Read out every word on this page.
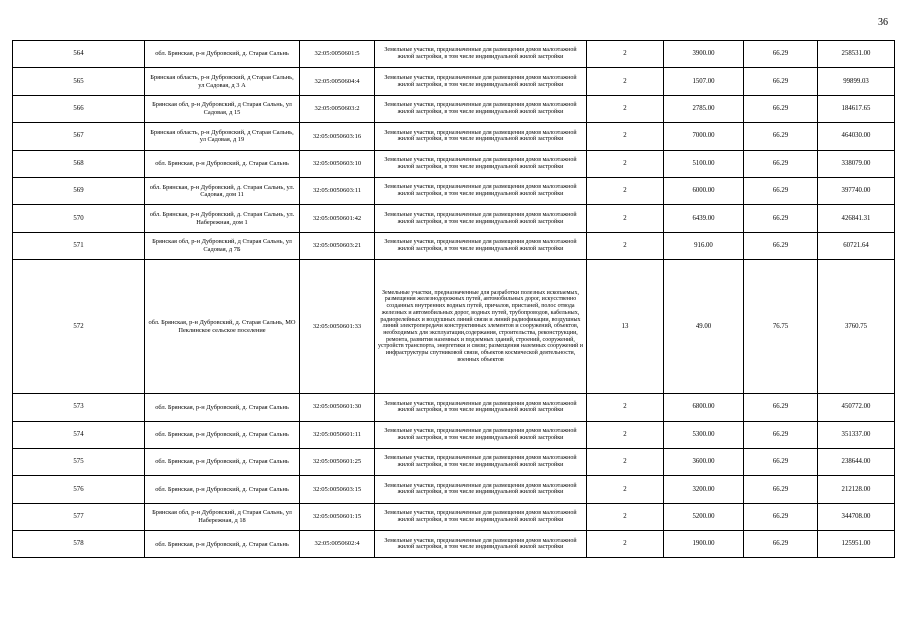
36
564	обл. Брянская, р-н Дубровский, д. Старая Сальнь	32:05:0050601:5	Земельные участки, предназначенные для размещения домов малоэтажной жилой застройки, в том числе индивидуальной жилой застройки	2	3900.00	66.29	258531.00
565	Брянская область, р-н Дубровский, д Старая Сальнь, ул Садовая, д 3 А	32:05:0050604:4	Земельные участки, предназначенные для размещения домов малоэтажной жилой застройки, в том числе индивидуальной жилой застройки	2	1507.00	66.29	99899.03
566	Брянская обл, р-н Дубровский, д Старая Сальнь, ул Садовая, д 15	32:05:0050603:2	Земельные участки, предназначенные для размещения домов малоэтажной жилой застройки, в том числе индивидуальной жилой застройки	2	2785.00	66.29	184617.65
567	Брянская область, р-н Дубровский, д Старая Сальнь, ул Садовая, д 19	32:05:0050603:16	Земельные участки, предназначенные для размещения домов малоэтажной жилой застройки, в том числе индивидуальной жилой застройки	2	7000.00	66.29	464030.00
568	обл. Брянская, р-н Дубровский, д. Старая Сальнь	32:05:0050603:10	Земельные участки, предназначенные для размещения домов малоэтажной жилой застройки, в том числе индивидуальной жилой застройки	2	5100.00	66.29	338079.00
569	обл. Брянская, р-н Дубровский, д. Старая Сальнь, ул. Садовая, дом 11	32:05:0050603:11	Земельные участки, предназначенные для размещения домов малоэтажной жилой застройки, в том числе индивидуальной жилой застройки	2	6000.00	66.29	397740.00
570	обл. Брянская, р-н Дубровский, д. Старая Сальнь, ул. Набережная, дом 1	32:05:0050601:42	Земельные участки, предназначенные для размещения домов малоэтажной жилой застройки, в том числе индивидуальной жилой застройки	2	6439.00	66.29	426841.31
571	Брянская обл, р-н Дубровский, д Старая Сальнь, ул Садовая, д 7Б	32:05:0050603:21	Земельные участки, предназначенные для размещения домов малоэтажной жилой застройки, в том числе индивидуальной жилой застройки	2	916.00	66.29	60721.64
572	обл. Брянская, р-н Дубровский, д. Старая Сальнь, МО Пеклинское сельское поселение	32:05:0050601:33	Земельные участки, предназначенные для разработки полезных ископаемых, размещения железнодорожных путей, автомобильных дорог, искусственно созданных внутренних водных путей, причалов, пристаней, полос отвода железных и автомобильных дорог, водных путей, трубопроводов, кабельных, радиорелейных и воздушных линий связи и линий радиофикации, воздушных линий электропередачи конструктивных элементов и сооружений, объектов, необходимых для эксплуатации,содержания, строительства, реконструкции, ремонта, развития наземных и подземных зданий, строений, сооружений, устройств транспорта, энергетики и связи; размещения наземных сооружений и инфраструктуры спутниковой связи, объектов космической деятельности, военных объектов	13	49.00	76.75	3760.75
573	обл. Брянская, р-н Дубровский, д. Старая Сальнь	32:05:0050601:30	Земельные участки, предназначенные для размещения домов малоэтажной жилой застройки, в том числе индивидуальной жилой застройки	2	6800.00	66.29	450772.00
574	обл. Брянская, р-н Дубровский, д. Старая Сальнь	32:05:0050601:11	Земельные участки, предназначенные для размещения домов малоэтажной жилой застройки, в том числе индивидуальной жилой застройки	2	5300.00	66.29	351337.00
575	обл. Брянская, р-н Дубровский, д. Старая Сальнь	32:05:0050601:25	Земельные участки, предназначенные для размещения домов малоэтажной жилой застройки, в том числе индивидуальной жилой застройки	2	3600.00	66.29	238644.00
576	обл. Брянская, р-н Дубровский, д. Старая Сальнь	32:05:0050603:15	Земельные участки, предназначенные для размещения домов малоэтажной жилой застройки, в том числе индивидуальной жилой застройки	2	3200.00	66.29	212128.00
577	Брянская обл, р-н Дубровский, д Старая Сальнь, ул Набережная, д 18	32:05:0050601:15	Земельные участки, предназначенные для размещения домов малоэтажной жилой застройки, в том числе индивидуальной жилой застройки	2	5200.00	66.29	344708.00
578	обл. Брянская, р-н Дубровский, д. Старая Сальнь	32:05:0050602:4	Земельные участки, предназначенные для размещения домов малоэтажной жилой застройки, в том числе индивидуальной жилой застройки	2	1900.00	66.29	125951.00
